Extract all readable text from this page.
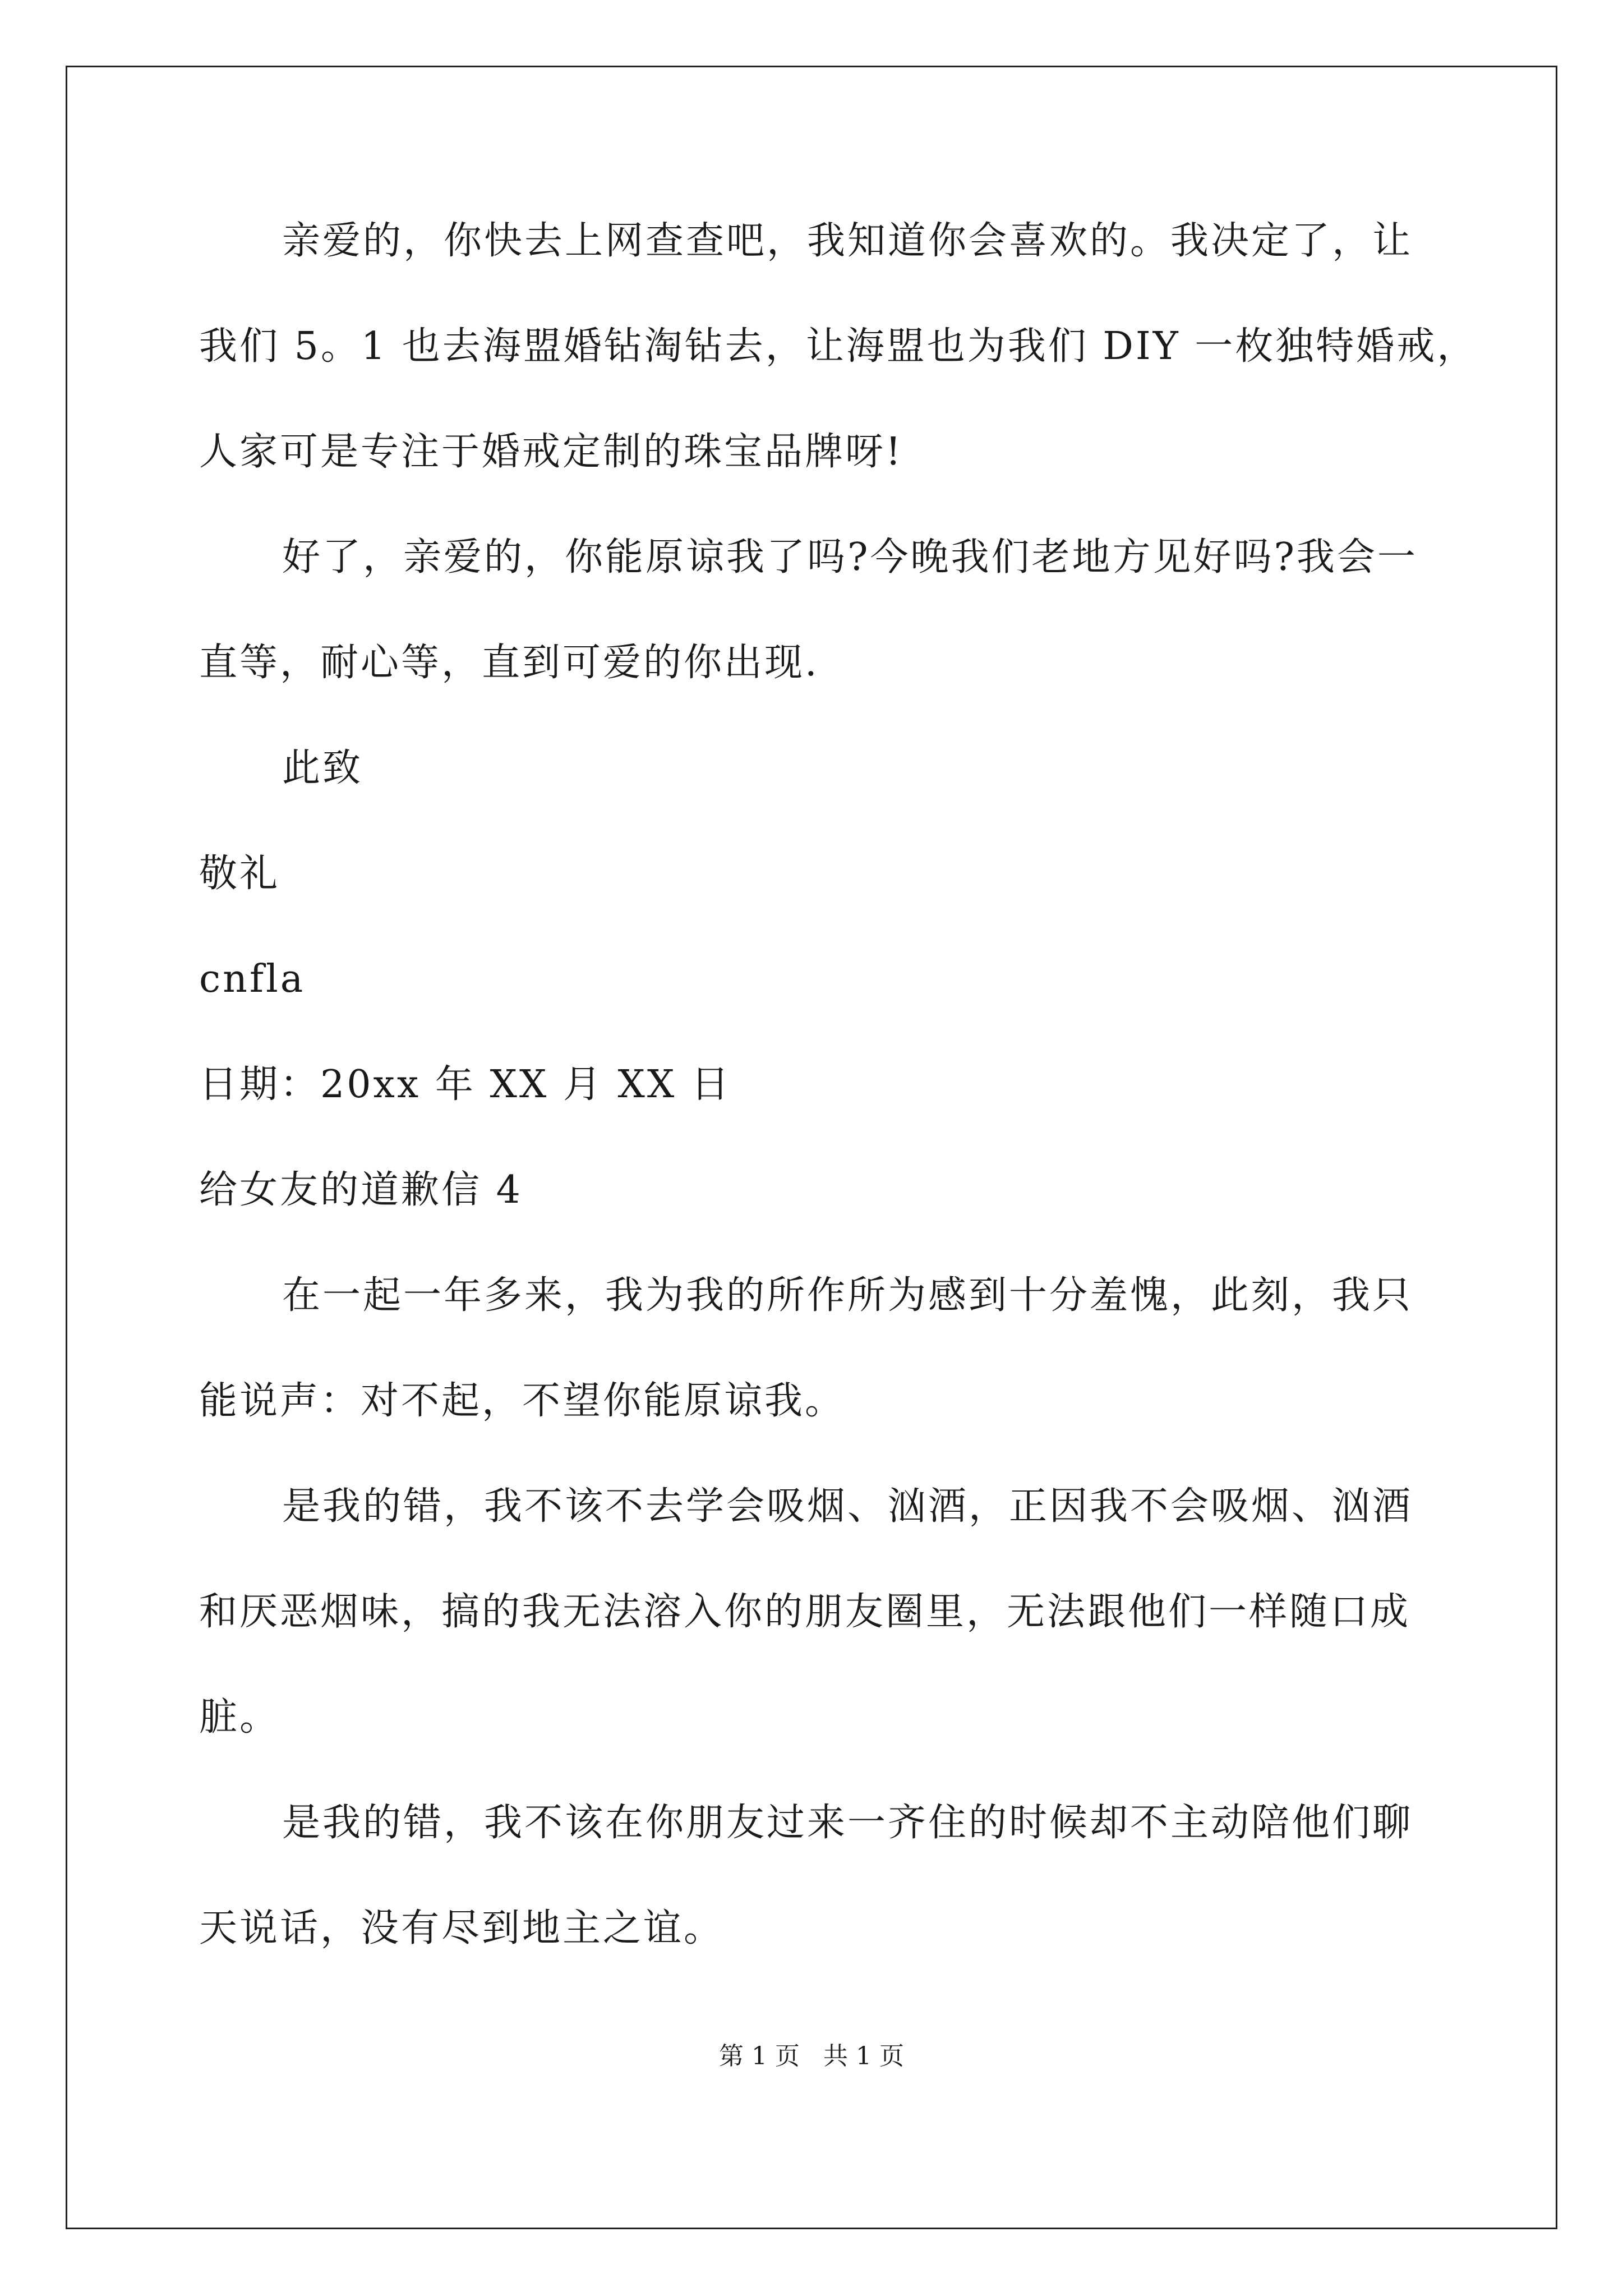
亲爱的，你快去上网查查吧，我知道你会喜欢的。我决定了，让
我们 5。1 也去海盟婚钻淘钻去，让海盟也为我们 DIY 一枚独特婚戒，
人家可是专注于婚戒定制的珠宝品牌呀!
好了，亲爱的，你能原谅我了吗?今晚我们老地方见好吗?我会一
直等，耐心等，直到可爱的你出现.
此致
敬礼
cnfla
日期：20xx 年 XX 月 XX 日
给女友的道歉信 4
在一起一年多来，我为我的所作所为感到十分羞愧，此刻，我只
能说声：对不起，不望你能原谅我。
是我的错，我不该不去学会吸烟、汹酒，正因我不会吸烟、汹酒
和厌恶烟味，搞的我无法溶入你的朋友圈里，无法跟他们一样随口成
脏。
是我的错，我不该在你朋友过来一齐住的时候却不主动陪他们聊
天说话，没有尽到地主之谊。
第 1 页 共 1 页
